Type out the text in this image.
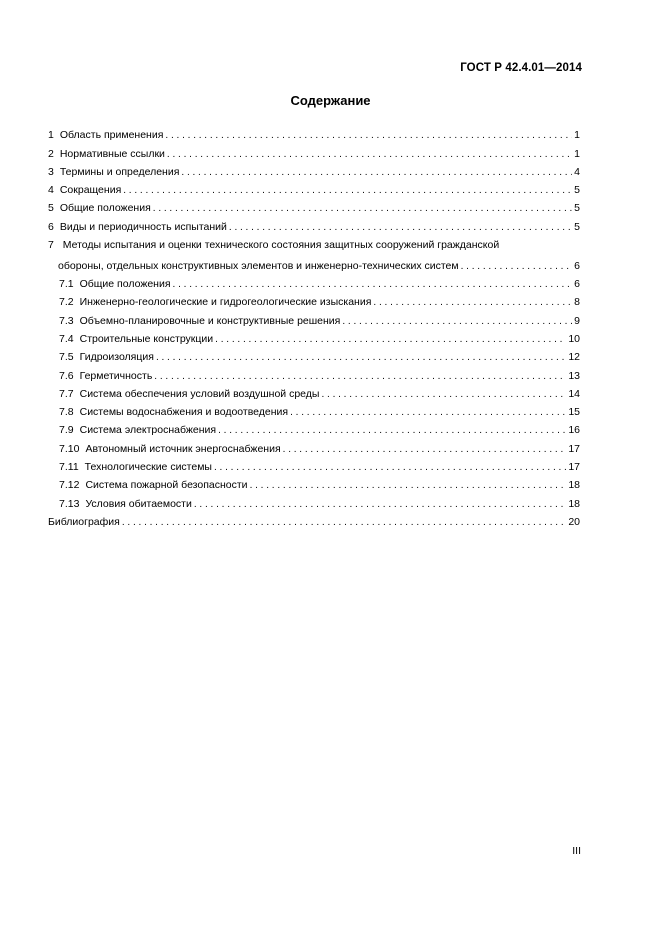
ГОСТ Р 42.4.01—2014
Содержание
1 Область применения . . .	1
2 Нормативные ссылки . . .	1
3 Термины и определения . . .	4
4 Сокращения . . .	5
5 Общие положения . . .	5
6 Виды и периодичность испытаний . . .	5
7 Методы испытания и оценки технического состояния защитных сооружений гражданской
обороны, отдельных конструктивных элементов и инженерно-технических систем . . .	6
7.1 Общие положения . . .	6
7.2 Инженерно-геологические и гидрогеологические изыскания . . .	8
7.3 Объемно-планировочные и конструктивные решения . . .	9
7.4 Строительные конструкции . . .	10
7.5 Гидроизоляция . . .	12
7.6 Герметичность . . .	13
7.7 Система обеспечения условий воздушной среды . . .	14
7.8 Системы водоснабжения и водоотведения . . .	15
7.9 Система электроснабжения . . .	16
7.10 Автономный источник энергоснабжения . . .	17
7.11 Технологические системы . . .	17
7.12 Система пожарной безопасности . . .	18
7.13 Условия обитаемости . . .	18
Библиография . . .	20
III
